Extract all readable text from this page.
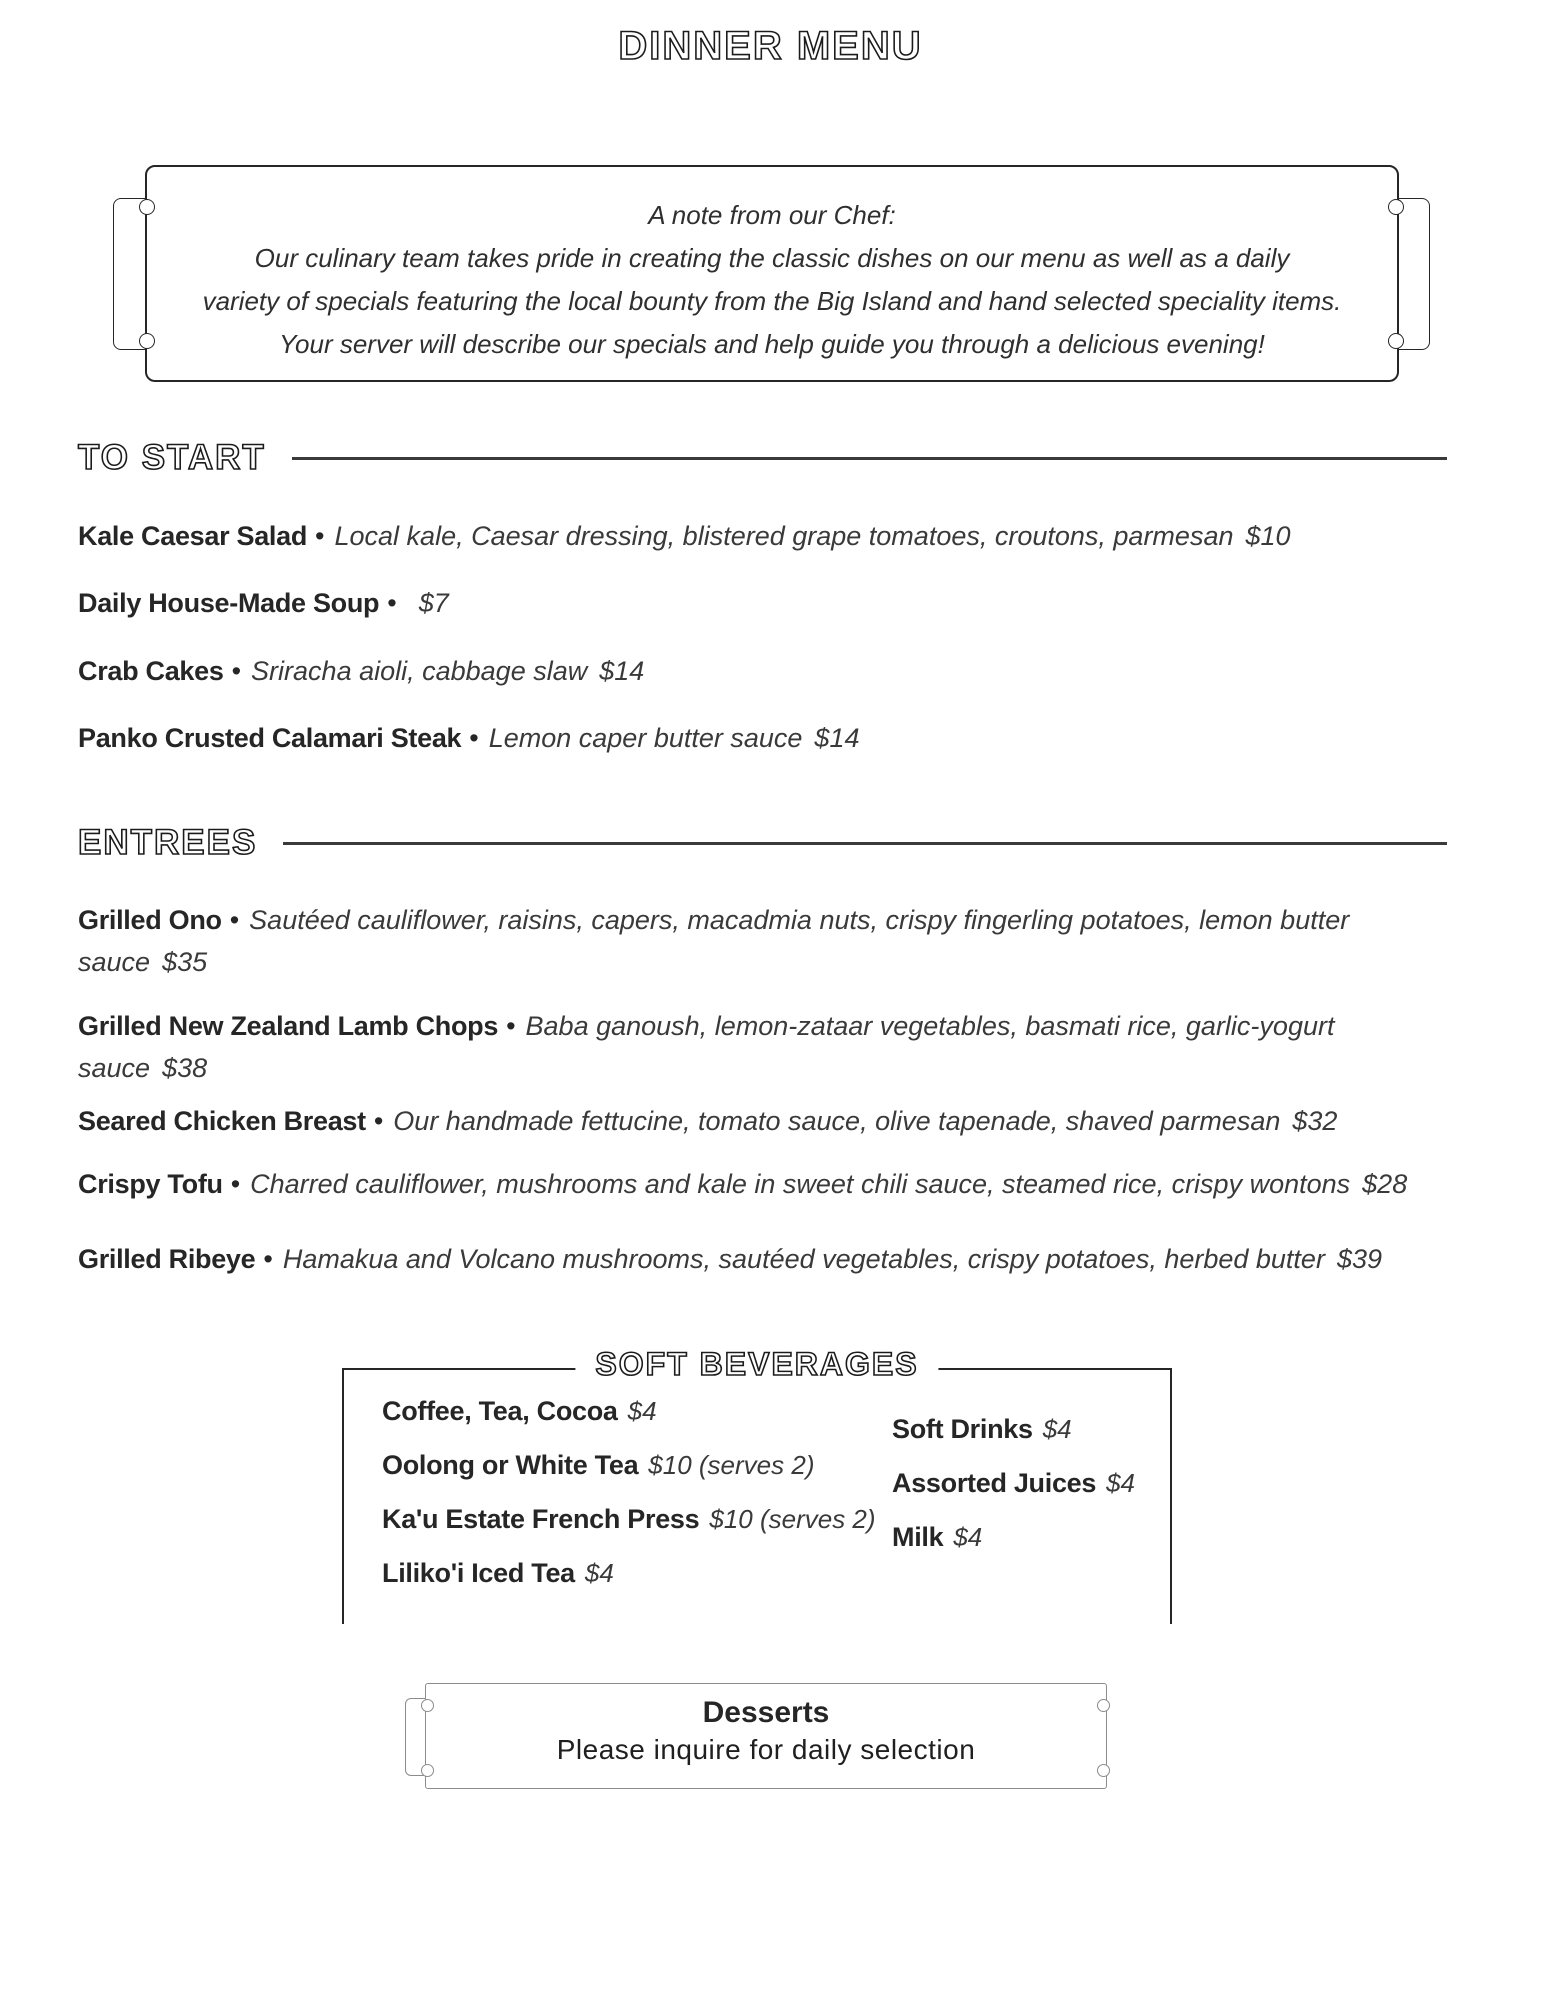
DINNER MENU

A note from our Chef:

Our culinary team takes pride in creating the classic dishes on our menu as well as a daily

variety of specials featuring the local bounty from the Big Island and hand selected speciality items.

Your server will describe our specials and help guide you through a delicious evening!

TO START
Kale Caesar Salad • Local kale, Caesar dressing, blistered grape tomatoes, croutons, parmesan $10
Daily House-Made Soup • $7
Crab Cakes • Sriracha aioli, cabbage slaw $14
Panko Crusted Calamari Steak • Lemon caper butter sauce $14
ENTREES
Grilled Ono • Sautéed cauliflower, raisins, capers, macadmia nuts, crispy fingerling potatoes, lemon butter sauce $35
Grilled New Zealand Lamb Chops • Baba ganoush, lemon-zataar vegetables, basmati rice, garlic-yogurt sauce $38
Seared Chicken Breast • Our handmade fettucine, tomato sauce, olive tapenade, shaved parmesan $32
Crispy Tofu • Charred cauliflower, mushrooms and kale in sweet chili sauce, steamed rice, crispy wontons $28
Grilled Ribeye • Hamakua and Volcano mushrooms, sautéed vegetables, crispy potatoes, herbed butter $39
SOFT BEVERAGES
Coffee, Tea, Cocoa $4
Oolong or White Tea $10 (serves 2)
Ka'u Estate French Press $10 (serves 2)
Liliko'i Iced Tea $4
Soft Drinks $4
Assorted Juices $4
Milk $4

Desserts

Please inquire for daily selection
